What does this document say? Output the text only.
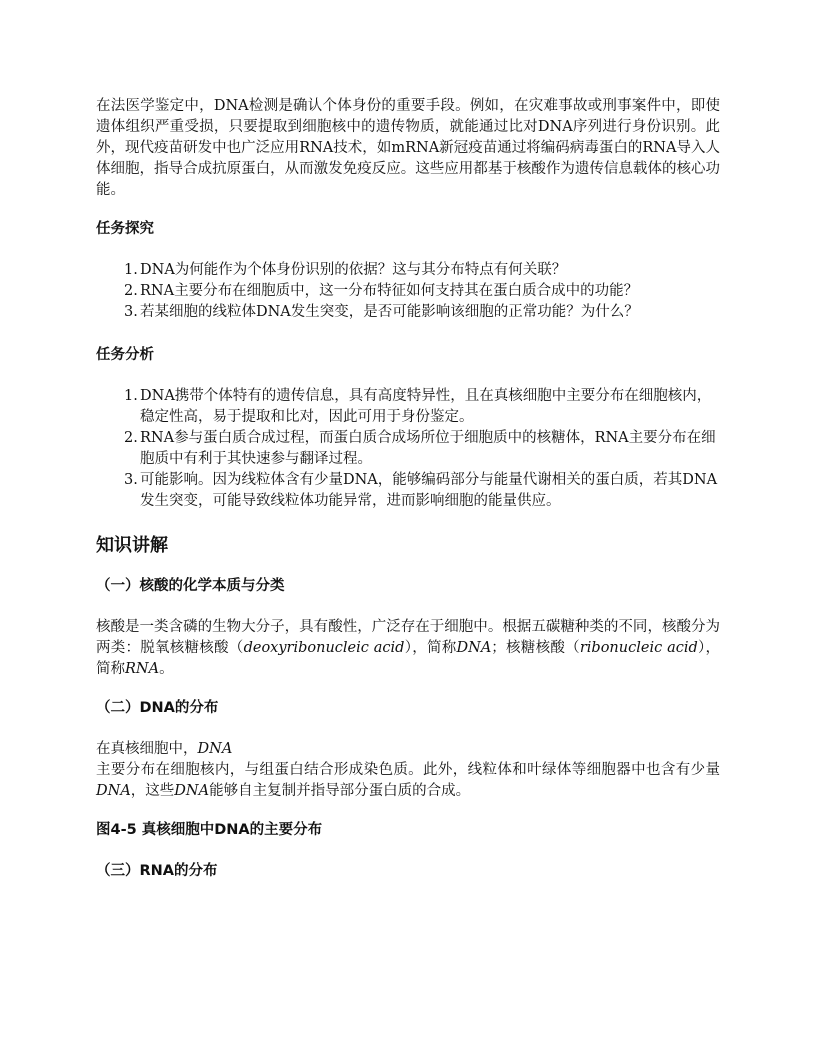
在法医学鉴定中，DNA检测是确认个体身份的重要手段。例如，在灾难事故或刑事案件中，即使遗体组织严重受损，只要提取到细胞核中的遗传物质，就能通过比对DNA序列进行身份识别。此外，现代疫苗研发中也广泛应用RNA技术，如mRNA新冠疫苗通过将编码病毒蛋白的RNA导入人体细胞，指导合成抗原蛋白，从而激发免疫反应。这些应用都基于核酸作为遗传信息载体的核心功能。

任务探究
1. DNA为何能作为个体身份识别的依据？这与其分布特点有何关联？
2. RNA主要分布在细胞质中，这一分布特征如何支持其在蛋白质合成中的功能？
3. 若某细胞的线粒体DNA发生突变，是否可能影响该细胞的正常功能？为什么？
任务分析
1. DNA携带个体特有的遗传信息，具有高度特异性，且在真核细胞中主要分布在细胞核内，稳定性高，易于提取和比对，因此可用于身份鉴定。
2. RNA参与蛋白质合成过程，而蛋白质合成场所位于细胞质中的核糖体，RNA主要分布在细胞质中有利于其快速参与翻译过程。
3. 可能影响。因为线粒体含有少量DNA，能够编码部分与能量代谢相关的蛋白质，若其DNA发生突变，可能导致线粒体功能异常，进而影响细胞的能量供应。
知识讲解
（一）核酸的化学本质与分类

核酸是一类含磷的生物大分子，具有酸性，广泛存在于细胞中。根据五碳糖种类的不同，核酸分为两类：脱氧核糖核酸（deoxyribonucleic acid），简称DNA；核糖核酸（ribonucleic acid），简称RNA。

（二）DNA的分布

在真核细胞中，DNA

主要分布在细胞核内，与组蛋白结合形成染色质。此外，线粒体和叶绿体等细胞器中也含有少量DNA，这些DNA能够自主复制并指导部分蛋白质的合成。

图4-5 真核细胞中DNA的主要分布
（三）RNA的分布
